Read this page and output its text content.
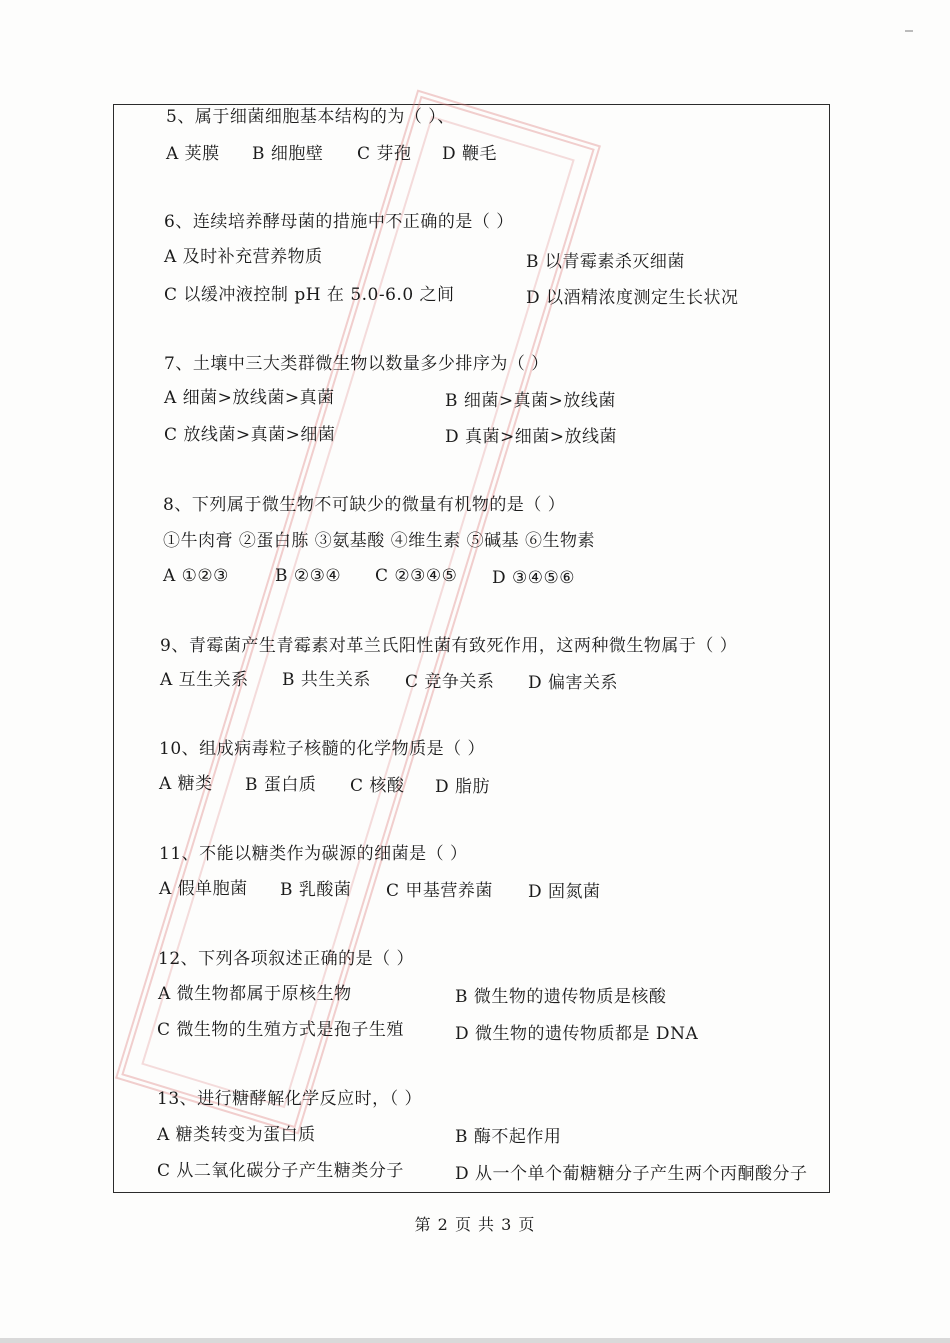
5、属于细菌细胞基本结构的为（ ）、
A 荚膜 B 细胞壁 C 芽孢 D 鞭毛
6、连续培养酵母菌的措施中不正确的是（ ）
A 及时补充营养物质	B 以青霉素杀灭细菌
C 以缓冲液控制 pH 在 5.0-6.0 之间	D 以酒精浓度测定生长状况
7、土壤中三大类群微生物以数量多少排序为（ ）
A 细菌>放线菌>真菌	B 细菌>真菌>放线菌
C 放线菌>真菌>细菌	D 真菌>细菌>放线菌
8、下列属于微生物不可缺少的微量有机物的是（ ）
①牛肉膏 ②蛋白胨 ③氨基酸 ④维生素 ⑤碱基 ⑥生物素
A ①②③	B ②③④ C ②③④⑤ D ③④⑤⑥
9、青霉菌产生青霉素对革兰氏阳性菌有致死作用，这两种微生物属于（ ）
A 互生关系 B 共生关系 C 竞争关系 D 偏害关系
10、组成病毒粒子核髓的化学物质是（ ）
A 糖类 B 蛋白质 C 核酸 D 脂肪
11、不能以糖类作为碳源的细菌是（ ）
A 假单胞菌 B 乳酸菌 C 甲基营养菌 D 固氮菌
12、下列各项叙述正确的是（ ）
A 微生物都属于原核生物	B 微生物的遗传物质是核酸
C 微生物的生殖方式是孢子生殖	D 微生物的遗传物质都是 DNA
13、进行糖酵解化学反应时，（ ）
A 糖类转变为蛋白质	B 酶不起作用
C 从二氧化碳分子产生糖类分子	D 从一个单个葡糖糖分子产生两个丙酮酸分子
第 2 页 共 3 页
